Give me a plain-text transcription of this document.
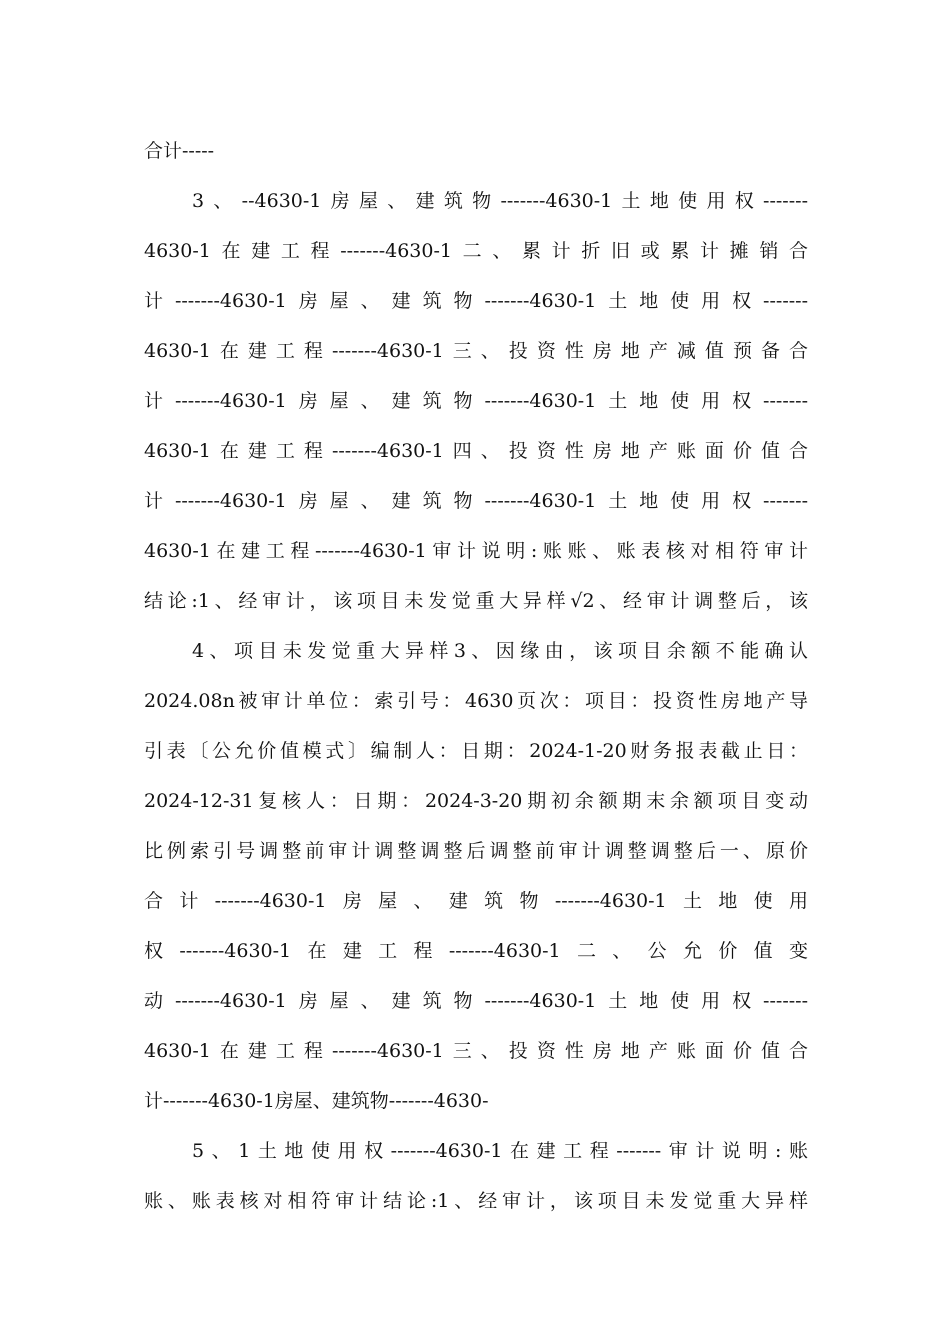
合计-----
3、--4630-1房屋、建筑物-------4630-1土地使用权-------
4630-1在建工程-------4630-1二、累计折旧或累计摊销合
计-------4630-1房屋、建筑物-------4630-1土地使用权-------
4630-1在建工程-------4630-1三、投资性房地产减值预备合
计-------4630-1房屋、建筑物-------4630-1土地使用权-------
4630-1在建工程-------4630-1四、投资性房地产账面价值合
计-------4630-1房屋、建筑物-------4630-1土地使用权-------
4630-1在建工程-------4630-1审计说明:账账、账表核对相符审计
结论:1、经审计，该项目未发觉重大异样√2、经审计调整后，该
4、项目未发觉重大异样3、因缘由，该项目余额不能确认
2024.08n被审计单位：索引号：4630页次：项目：投资性房地产导
引表〔公允价值模式〕编制人：日期：2024-1-20财务报表截止日：
2024-12-31复核人：日期：2024-3-20期初余额期末余额项目变动
比例索引号调整前审计调整调整后调整前审计调整调整后一、原价
合计-------4630-1房屋、建筑物-------4630-1土地使用
权-------4630-1在建工程-------4630-1二、公允价值变
动-------4630-1房屋、建筑物-------4630-1土地使用权-------
4630-1在建工程-------4630-1三、投资性房地产账面价值合
计-------4630-1房屋、建筑物-------4630-
5、1土地使用权-------4630-1在建工程-------审计说明:账
账、账表核对相符审计结论:1、经审计，该项目未发觉重大异样
